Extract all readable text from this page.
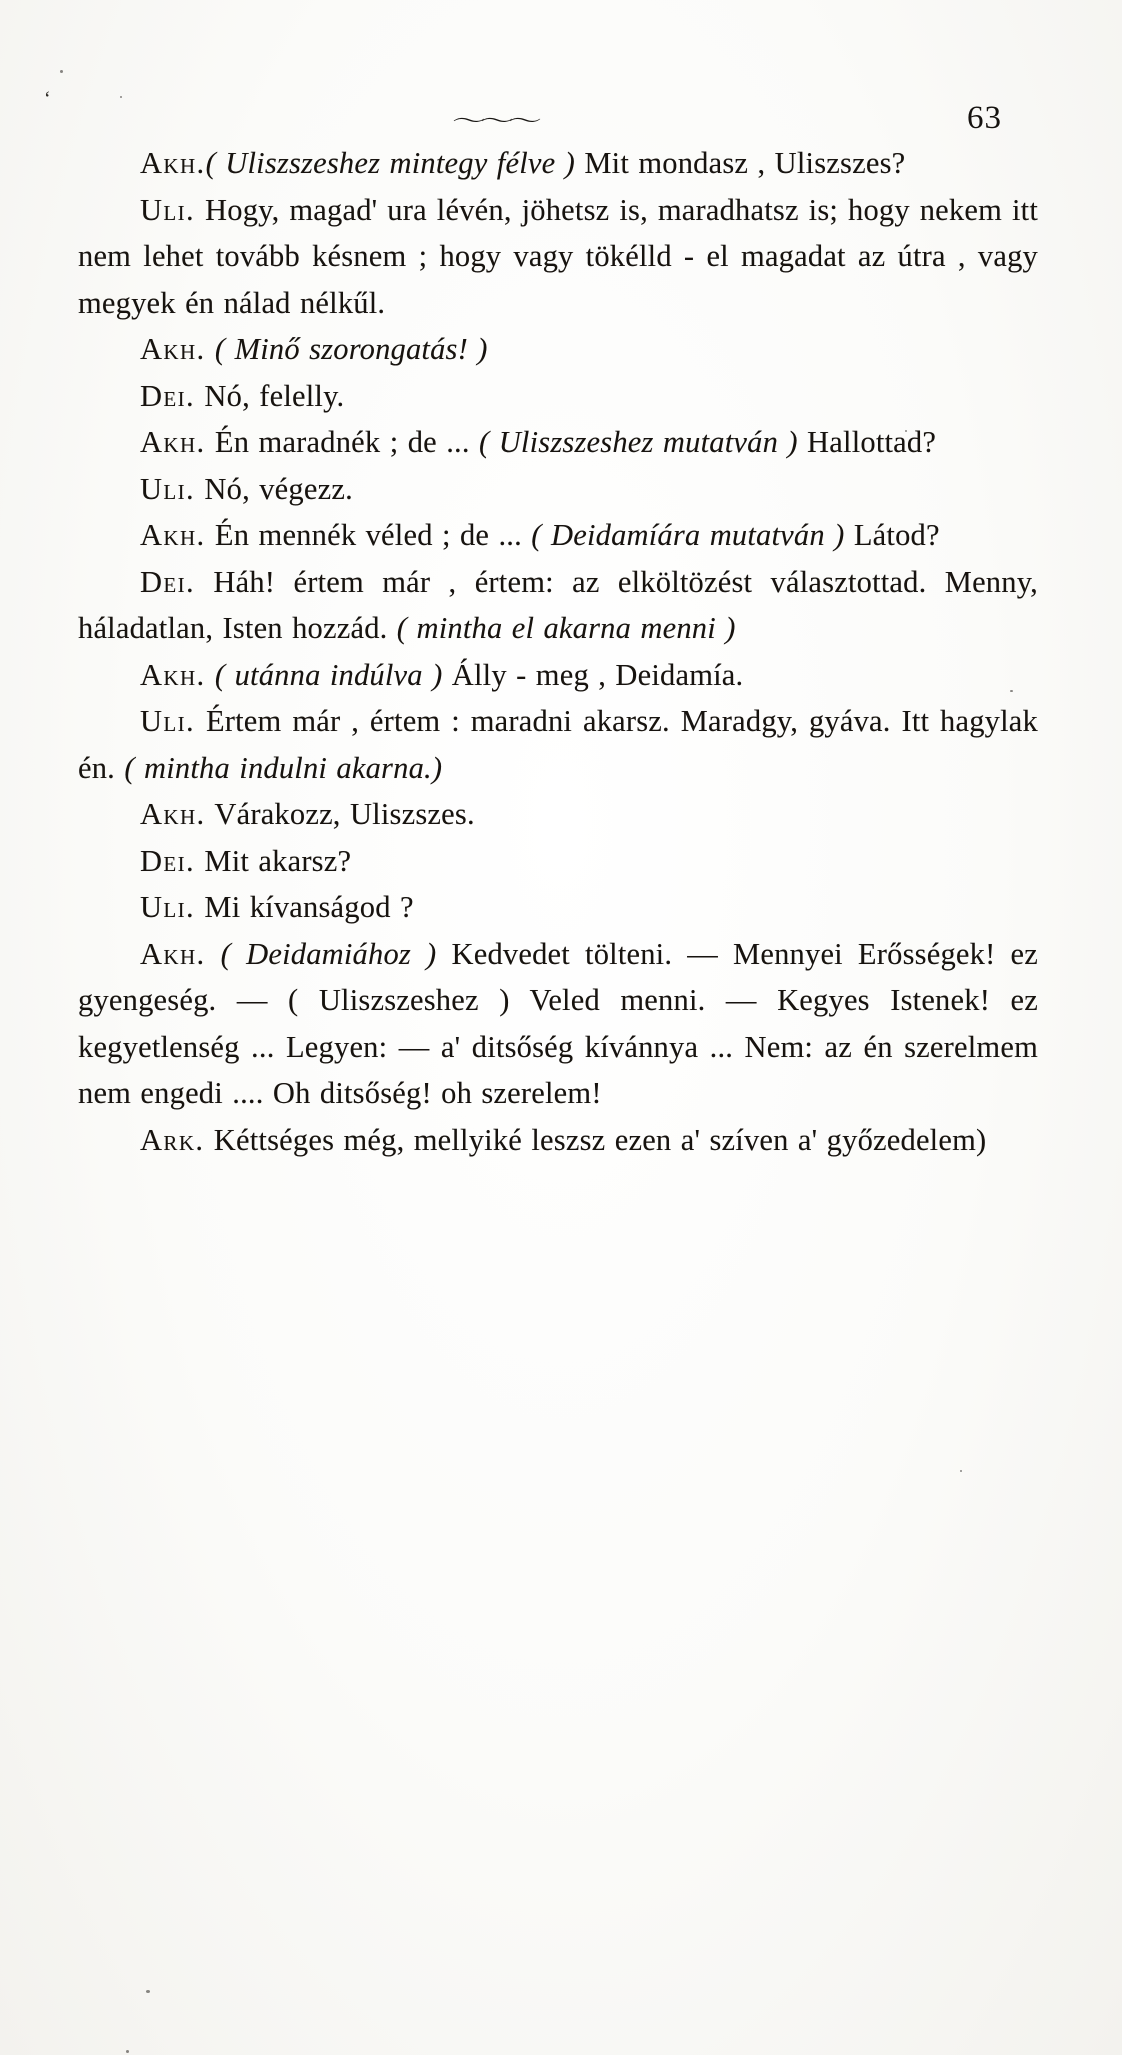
ʻ
〜〜〜	63

Akh.( Uliszszeshez mintegy félve ) Mit mondasz , Uliszszes?

Uli. Hogy, magad' ura lévén, jöhetsz is, maradhatsz is; hogy nekem itt nem lehet tovább késnem ; hogy vagy tökélld - el magadat az útra , vagy megyek én nálad nélkűl.

Akh. ( Minő szorongatás! )

Dei. Nó, felelly.

Akh. Én maradnék ; de ... ( Uliszszeshez mutatván ) Hallottad?

Uli. Nó, végezz.

Akh. Én mennék véled ; de ... ( Deidamíára mutatván ) Látod?

Dei. Háh! értem már , értem: az elköltözést választottad. Menny, háladatlan, Isten hozzád. ( mintha el akarna menni )

Akh. ( utánna indúlva ) Álly - meg , Deidamía.

Uli. Értem már , értem : maradni akarsz. Maradgy, gyáva. Itt hagylak én. ( mintha indulni akarna.)

Akh. Várakozz, Uliszszes.

Dei. Mit akarsz?

Uli. Mi kívanságod ?

Akh. ( Deidamiához ) Kedvedet tölteni. — Mennyei Erősségek! ez gyengeség. — ( Uliszszeshez ) Veled menni. — Kegyes Istenek! ez kegyetlenség ... Legyen: — a' ditsőség kívánnya ... Nem: az én szerelmem nem engedi .... Oh ditsőség! oh szerelem!

Ark. Kéttséges még, mellyiké leszsz ezen a' szíven a' győzedelem)
